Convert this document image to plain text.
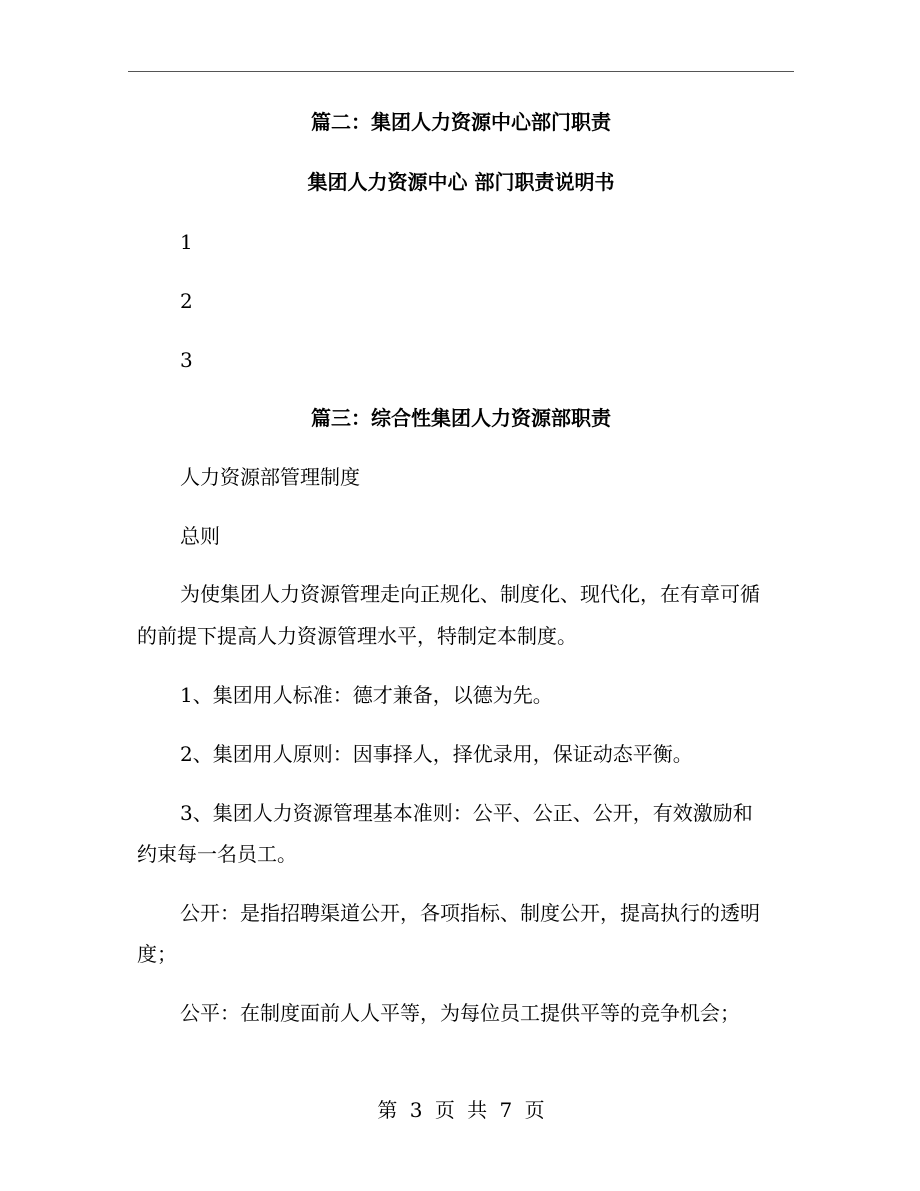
篇二：集团人力资源中心部门职责
集团人力资源中心 部门职责说明书
1
2
3
篇三：综合性集团人力资源部职责
人力资源部管理制度
总则
为使集团人力资源管理走向正规化、制度化、现代化，在有章可循
的前提下提高人力资源管理水平，特制定本制度。
1、集团用人标准：德才兼备，以德为先。
2、集团用人原则：因事择人，择优录用，保证动态平衡。
3、集团人力资源管理基本准则：公平、公正、公开，有效激励和
约束每一名员工。
公开：是指招聘渠道公开，各项指标、制度公开，提高执行的透明
度；
公平：在制度面前人人平等，为每位员工提供平等的竞争机会；
第 3 页 共 7 页
